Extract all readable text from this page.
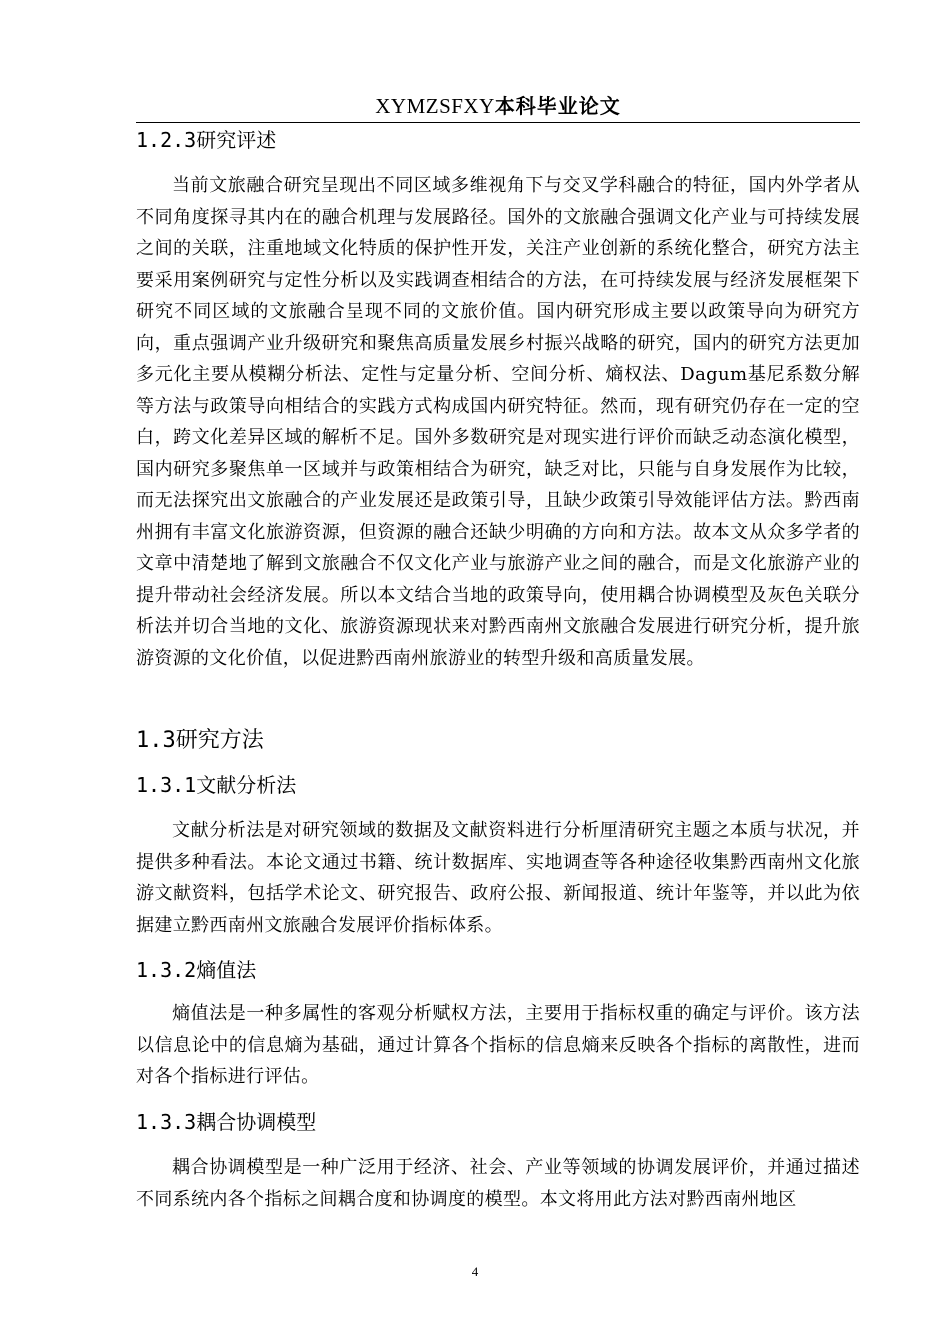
XYMZSFXY本科毕业论文
1.2.3研究评述

当前文旅融合研究呈现出不同区域多维视角下与交叉学科融合的特征，国内外学者从不同角度探寻其内在的融合机理与发展路径。国外的文旅融合强调文化产业与可持续发展之间的关联，注重地域文化特质的保护性开发，关注产业创新的系统化整合，研究方法主要采用案例研究与定性分析以及实践调查相结合的方法，在可持续发展与经济发展框架下研究不同区域的文旅融合呈现不同的文旅价值。国内研究形成主要以政策导向为研究方向，重点强调产业升级研究和聚焦高质量发展乡村振兴战略的研究，国内的研究方法更加多元化主要从模糊分析法、定性与定量分析、空间分析、熵权法、Dagum基尼系数分解等方法与政策导向相结合的实践方式构成国内研究特征。然而，现有研究仍存在一定的空白，跨文化差异区域的解析不足。国外多数研究是对现实进行评价而缺乏动态演化模型，国内研究多聚焦单一区域并与政策相结合为研究，缺乏对比，只能与自身发展作为比较，而无法探究出文旅融合的产业发展还是政策引导，且缺少政策引导效能评估方法。黔西南州拥有丰富文化旅游资源，但资源的融合还缺少明确的方向和方法。故本文从众多学者的文章中清楚地了解到文旅融合不仅文化产业与旅游产业之间的融合，而是文化旅游产业的提升带动社会经济发展。所以本文结合当地的政策导向，使用耦合协调模型及灰色关联分析法并切合当地的文化、旅游资源现状来对黔西南州文旅融合发展进行研究分析，提升旅游资源的文化价值，以促进黔西南州旅游业的转型升级和高质量发展。

1.3研究方法
1.3.1文献分析法

文献分析法是对研究领域的数据及文献资料进行分析厘清研究主题之本质与状况，并提供多种看法。本论文通过书籍、统计数据库、实地调查等各种途径收集黔西南州文化旅游文献资料，包括学术论文、研究报告、政府公报、新闻报道、统计年鉴等，并以此为依据建立黔西南州文旅融合发展评价指标体系。

1.3.2熵值法

熵值法是一种多属性的客观分析赋权方法，主要用于指标权重的确定与评价。该方法以信息论中的信息熵为基础，通过计算各个指标的信息熵来反映各个指标的离散性，进而对各个指标进行评估。

1.3.3耦合协调模型

耦合协调模型是一种广泛用于经济、社会、产业等领域的协调发展评价，并通过描述不同系统内各个指标之间耦合度和协调度的模型。本文将用此方法对黔西南州地区

4
